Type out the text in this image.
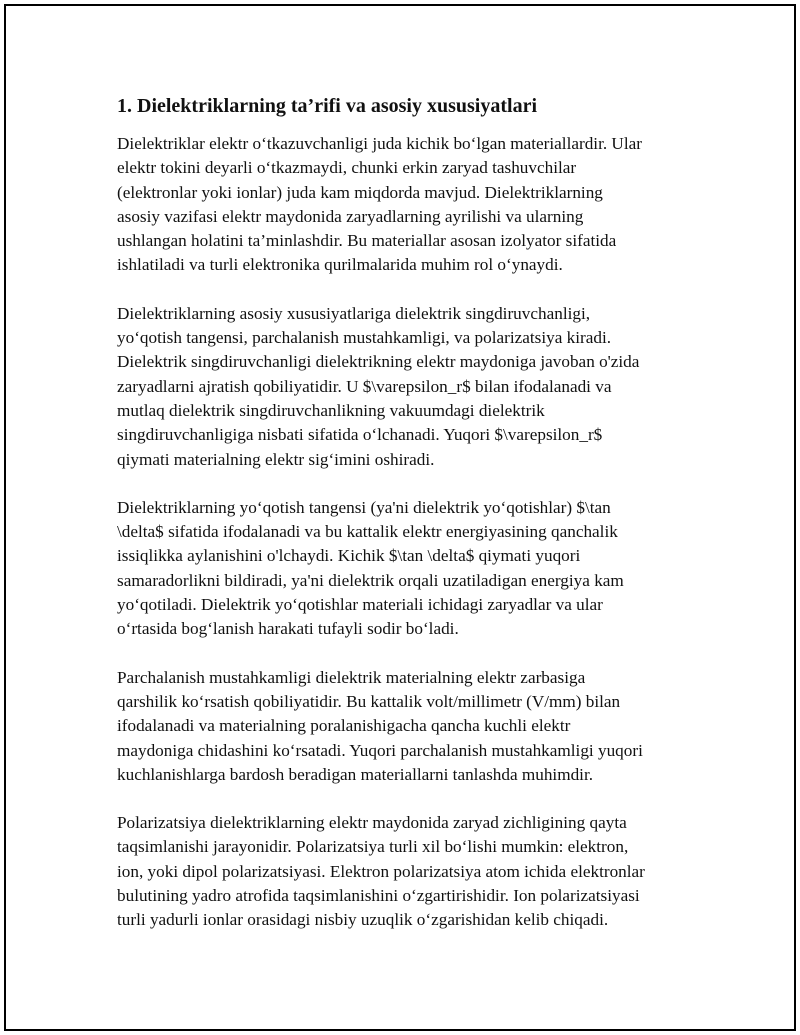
1. Dielektriklarning ta’rifi va asosiy xususiyatlari

Dielektriklar elektr o‘tkazuvchanligi juda kichik bo‘lgan materiallardir. Ular
elektr tokini deyarli o‘tkazmaydi, chunki erkin zaryad tashuvchilar
(elektronlar yoki ionlar) juda kam miqdorda mavjud. Dielektriklarning
asosiy vazifasi elektr maydonida zaryadlarning ayrilishi va ularning
ushlangan holatini ta’minlashdir. Bu materiallar asosan izolyator sifatida
ishlatiladi va turli elektronika qurilmalarida muhim rol o‘ynaydi.

Dielektriklarning asosiy xususiyatlariga dielektrik singdiruvchanligi,
yo‘qotish tangensi, parchalanish mustahkamligi, va polarizatsiya kiradi.
Dielektrik singdiruvchanligi dielektrikning elektr maydoniga javoban o'zida
zaryadlarni ajratish qobiliyatidir. U $\varepsilon_r$ bilan ifodalanadi va
mutlaq dielektrik singdiruvchanlikning vakuumdagi dielektrik
singdiruvchanligiga nisbati sifatida o‘lchanadi. Yuqori $\varepsilon_r$
qiymati materialning elektr sig‘imini oshiradi.

Dielektriklarning yo‘qotish tangensi (ya'ni dielektrik yo‘qotishlar) $\tan
\delta$ sifatida ifodalanadi va bu kattalik elektr energiyasining qanchalik
issiqlikka aylanishini o'lchaydi. Kichik $\tan \delta$ qiymati yuqori
samaradorlikni bildiradi, ya'ni dielektrik orqali uzatiladigan energiya kam
yo‘qotiladi. Dielektrik yo‘qotishlar materiali ichidagi zaryadlar va ular
o‘rtasida bog‘lanish harakati tufayli sodir bo‘ladi.

Parchalanish mustahkamligi dielektrik materialning elektr zarbasiga
qarshilik ko‘rsatish qobiliyatidir. Bu kattalik volt/millimetr (V/mm) bilan
ifodalanadi va materialning poralanishigacha qancha kuchli elektr
maydoniga chidashini ko‘rsatadi. Yuqori parchalanish mustahkamligi yuqori
kuchlanishlarga bardosh beradigan materiallarni tanlashda muhimdir.

Polarizatsiya dielektriklarning elektr maydonida zaryad zichligining qayta
taqsimlanishi jarayonidir. Polarizatsiya turli xil bo‘lishi mumkin: elektron,
ion, yoki dipol polarizatsiyasi. Elektron polarizatsiya atom ichida elektronlar
bulutining yadro atrofida taqsimlanishini o‘zgartirishidir. Ion polarizatsiyasi
turli yadurli ionlar orasidagi nisbiy uzuqlik o‘zgarishidan kelib chiqadi.
